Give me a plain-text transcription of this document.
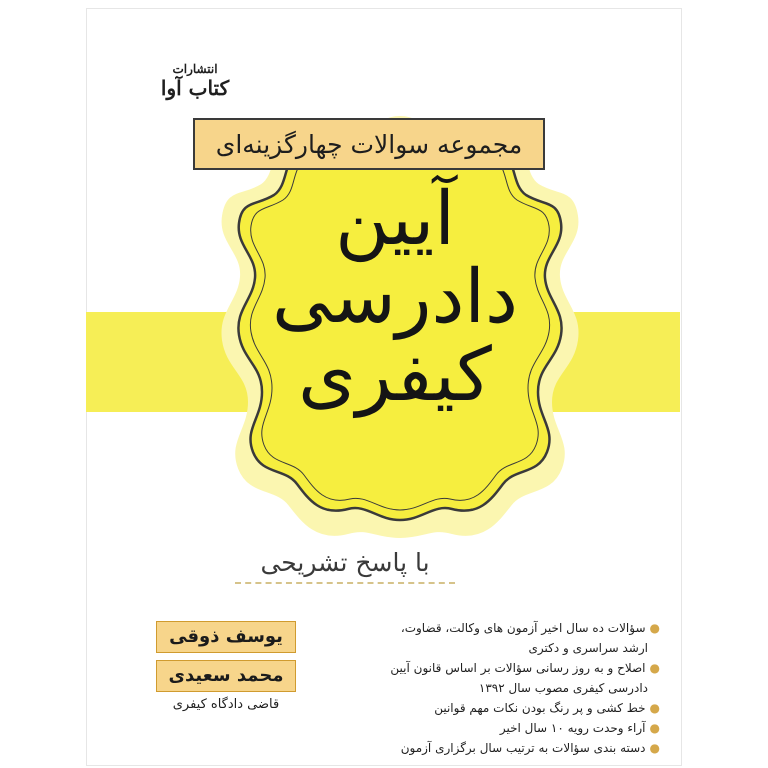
مجموعه سوالات چهارگزینه‌ای
انتشارات
کتاب آوا
آیین
دادرسی
کیفری
با پاسخ تشریحی
یوسف ذوقی
محمد سعیدی
قاضی دادگاه کیفری
●سؤالات ده سال اخیر آزمون های وکالت، قضاوت،
ارشد سراسری و دکتری
●اصلاح و به روز رسانی سؤالات بر اساس قانون آیین
دادرسی کیفری مصوب سال ۱۳۹۲
●خط کشی و پر رنگ بودن نکات مهم قوانین
●آراء وحدت رویه ۱۰ سال اخیر
●دسته بندی سؤالات به ترتیب سال برگزاری آزمون
